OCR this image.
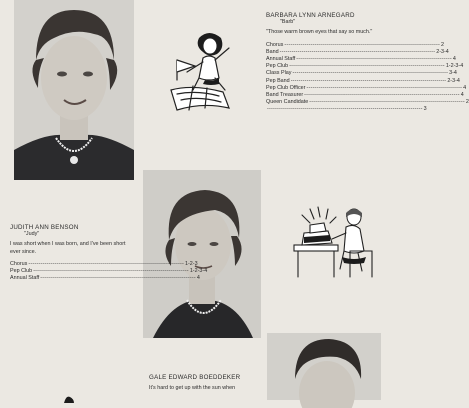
BARBARA LYNN ARNEGARD
"Barb"
"Those warm brown eyes that say so much."
Chorus ------------------------------------------------------------------------------ 2
Band ------------------------------------------------------------------------------ 2-3-4
Annual Staff ------------------------------------------------------------------------------ 4
Pep Club ------------------------------------------------------------------------------ 1-2-3-4
Class Play ------------------------------------------------------------------------------ 3-4
Pep Band ------------------------------------------------------------------------------ 2-3-4
Pep Club Officer ------------------------------------------------------------------------------ 4
Band Treasurer ------------------------------------------------------------------------------ 4
Queen Candidate ------------------------------------------------------------------------------ 2
------------------------------------------------------------------------------ 3
JUDITH ANN BENSON
"Judy"
I was short when I was born, and I've been short ever since.
Chorus ------------------------------------------------------------------------------ 1-2-3
Pep Club ------------------------------------------------------------------------------ 1-2-3-4
Annual Staff ------------------------------------------------------------------------------ 4
GALE EDWARD BOEDDEKER
It's hard to get up with the sun when
